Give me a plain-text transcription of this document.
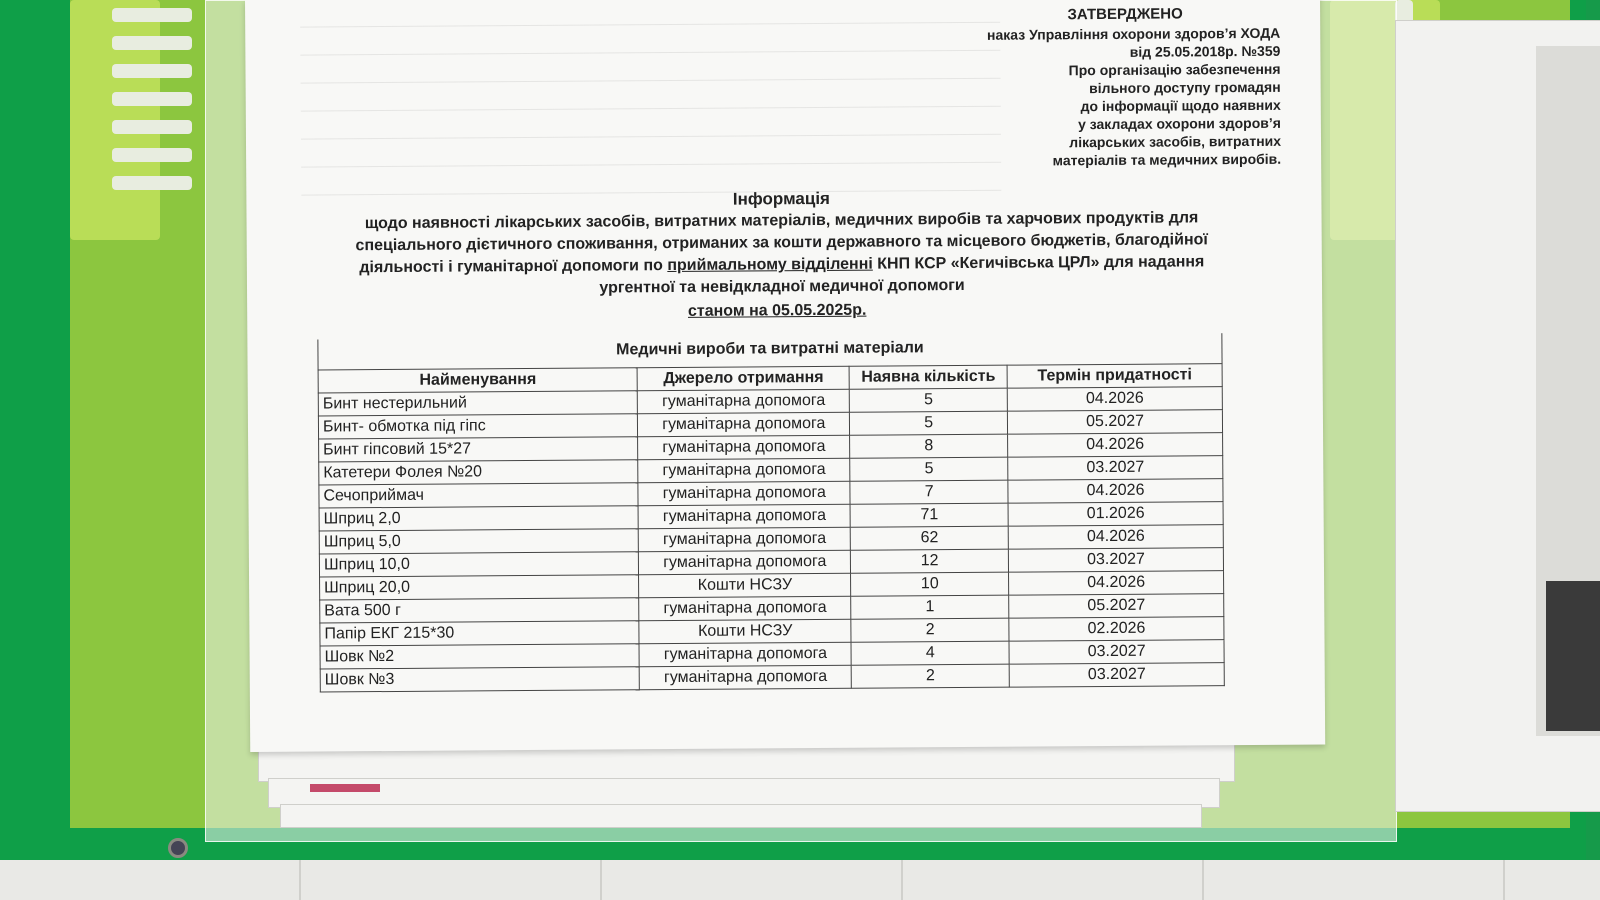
ЗАТВЕРДЖЕНО
наказ Управління охорони здоров’я ХОДА
від 25.05.2018р. №359
Про організацію забезпечення
вільного доступу громадян
до інформації щодо наявних
у закладах охорони здоров’я
лікарських засобів, витратних
матеріалів та медичних виробів.
Інформація
щодо наявності лікарських засобів, витратних матеріалів, медичних виробів та харчових продуктів для
спеціального дієтичного споживання, отриманих за кошти державного та місцевого бюджетів, благодійної
діяльності і гуманітарної допомоги по приймальному відділенні КНП КСР «Кегичівська ЦРЛ» для надання
ургентної та невідкладної медичної допомоги
станом на 05.05.2025р.
Медичні вироби та витратні матеріали
Найменування	Джерело отримання	Наявна кількість	Термін придатності
Бинт нестерильний	гуманітарна допомога	5	04.2026
Бинт- обмотка під гіпс	гуманітарна допомога	5	05.2027
Бинт гіпсовий 15*27	гуманітарна допомога	8	04.2026
Катетери Фолея №20	гуманітарна допомога	5	03.2027
Сечоприймач	гуманітарна допомога	7	04.2026
Шприц 2,0	гуманітарна допомога	71	01.2026
Шприц 5,0	гуманітарна допомога	62	04.2026
Шприц 10,0	гуманітарна допомога	12	03.2027
Шприц 20,0	Кошти НСЗУ	10	04.2026
Вата 500 г	гуманітарна допомога	1	05.2027
Папір ЕКГ 215*30	Кошти НСЗУ	2	02.2026
Шовк №2	гуманітарна допомога	4	03.2027
Шовк №3	гуманітарна допомога	2	03.2027
